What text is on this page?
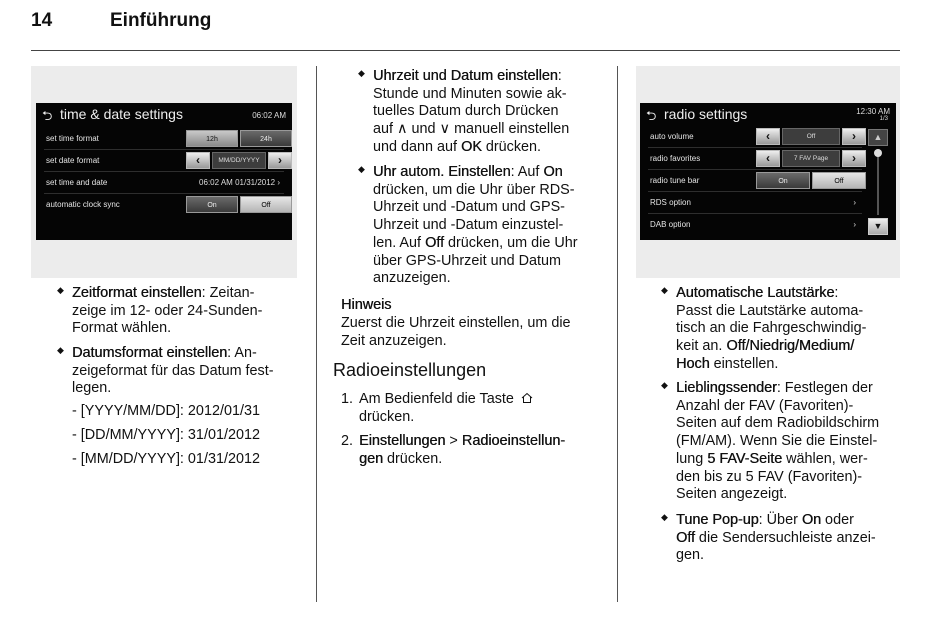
14	Einführung
⮌ time & date settings	06:02 AM
set time format	12h	24h
set date format	‹	MM/DD/YYYY	›
set time and date	06:02 AM 01/31/2012 ›
automatic clock sync	On	Off
◆ Zeitformat einstellen: Zeitan-
zeige im 12- oder 24-Sunden-
Format wählen.
◆ Datumsformat einstellen: An-
zeigeformat für das Datum fest-
legen.
- [YYYY/MM/DD]: 2012/01/31
- [DD/MM/YYYY]: 31/01/2012
- [MM/DD/YYYY]: 01/31/2012
◆ Uhrzeit und Datum einstellen:
Stunde und Minuten sowie ak-
tuelles Datum durch Drücken
auf ∧ und ∨ manuell einstellen
und dann auf OK drücken.
◆ Uhr autom. Einstellen: Auf On
drücken, um die Uhr über RDS-
Uhrzeit und -Datum und GPS-
Uhrzeit und -Datum einzustel-
len. Auf Off drücken, um die Uhr
über GPS-Uhrzeit und Datum
anzuzeigen.
Hinweis
Zuerst die Uhrzeit einstellen, um die
Zeit anzuzeigen.
Radioeinstellungen
1. Am Bedienfeld die Taste
drücken.
2. Einstellungen > Radioeinstellun-
gen drücken.
⮌ radio settings	12:30 AM
1/3
auto volume	‹	Off	›
radio favorites	‹	7 FAV Page	›
radio tune bar	On	Off
RDS option	›
DAB option	›
▲
▼
◆ Automatische Lautstärke:
Passt die Lautstärke automa-
tisch an die Fahrgeschwindig-
keit an. Off/Niedrig/Medium/
Hoch einstellen.
◆ Lieblingssender: Festlegen der
Anzahl der FAV (Favoriten)-
Seiten auf dem Radiobildschirm
(FM/AM). Wenn Sie die Einstel-
lung 5 FAV-Seite wählen, wer-
den bis zu 5 FAV (Favoriten)-
Seiten angezeigt.
◆ Tune Pop-up: Über On oder
Off die Sendersuchleiste anzei-
gen.
